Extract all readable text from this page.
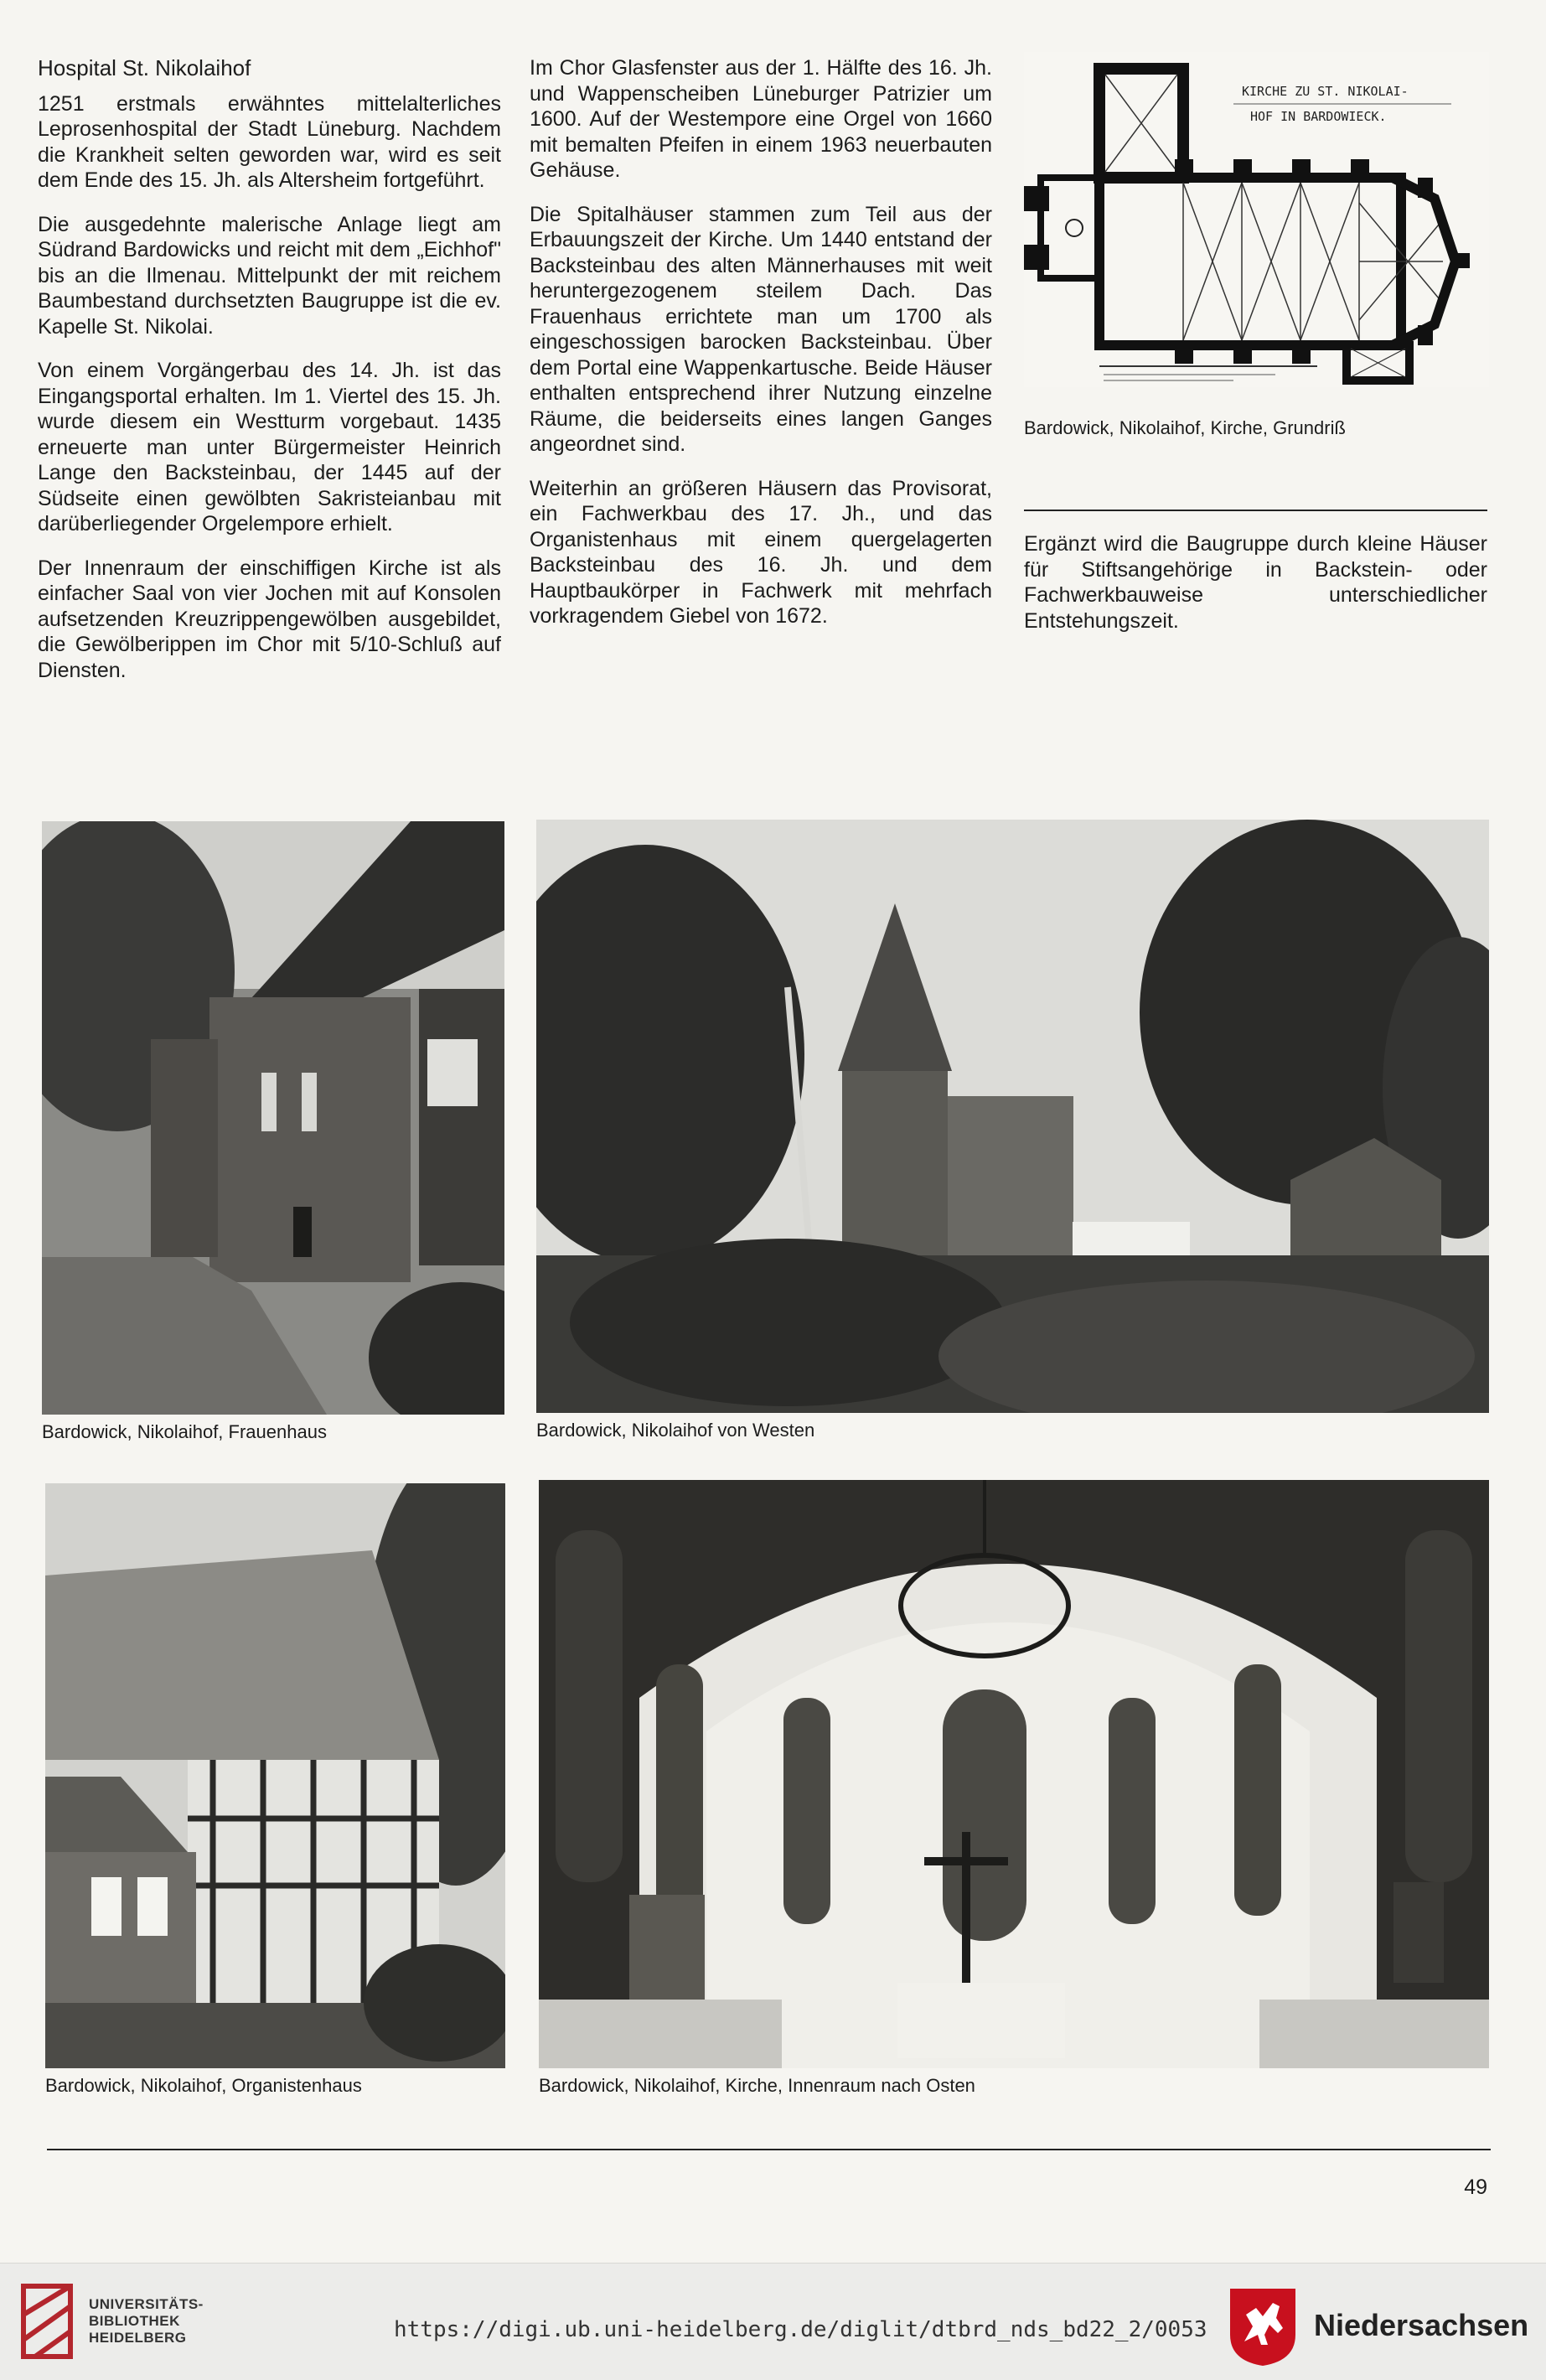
Hospital St. Nikolaihof

1251 erstmals erwähntes mittelalterliches Leprosenhospital der Stadt Lüneburg. Nachdem die Krankheit selten geworden war, wird es seit dem Ende des 15. Jh. als Altersheim fortgeführt.

Die ausgedehnte malerische Anlage liegt am Südrand Bardowicks und reicht mit dem „Eichhof" bis an die Ilmenau. Mittelpunkt der mit reichem Baumbestand durchsetzten Baugruppe ist die ev. Kapelle St. Nikolai.

Von einem Vorgängerbau des 14. Jh. ist das Eingangsportal erhalten. Im 1. Viertel des 15. Jh. wurde diesem ein Westturm vorgebaut. 1435 erneuerte man unter Bürgermeister Heinrich Lange den Backsteinbau, der 1445 auf der Südseite einen gewölbten Sakristeianbau mit darüberliegender Orgelempore erhielt.

Der Innenraum der einschiffigen Kirche ist als einfacher Saal von vier Jochen mit auf Konsolen aufsetzenden Kreuzrippengewölben ausgebildet, die Gewölberippen im Chor mit 5/10-Schluß auf Diensten.

Im Chor Glasfenster aus der 1. Hälfte des 16. Jh. und Wappenscheiben Lüneburger Patrizier um 1600. Auf der Westempore eine Orgel von 1660 mit bemalten Pfeifen in einem 1963 neuerbauten Gehäuse.

Die Spitalhäuser stammen zum Teil aus der Erbauungszeit der Kirche. Um 1440 entstand der Backsteinbau des alten Männerhauses mit weit heruntergezogenem steilem Dach. Das Frauenhaus errichtete man um 1700 als eingeschossigen barocken Backsteinbau. Über dem Portal eine Wappenkartusche. Beide Häuser enthalten entsprechend ihrer Nutzung einzelne Räume, die beiderseits eines langen Ganges angeordnet sind.

Weiterhin an größeren Häusern das Provisorat, ein Fachwerkbau des 17. Jh., und das Organistenhaus mit einem quergelagerten Backsteinbau des 16. Jh. und dem Hauptbaukörper in Fachwerk mit mehrfach vorkragendem Giebel von 1672.

KIRCHE ZU ST. NIKOLAI-
HOF IN BARDOWIECK.
Bardowick, Nikolaihof, Kirche, Grundriß

Ergänzt wird die Baugruppe durch kleine Häuser für Stiftsangehörige in Backstein- oder Fachwerkbauweise unterschiedlicher Entstehungszeit.

Bardowick, Nikolaihof, Frauenhaus	Bardowick, Nikolaihof von Westen
Bardowick, Nikolaihof, Organistenhaus	Bardowick, Nikolaihof, Kirche, Innenraum nach Osten
49
UNIVERSITÄTS-
BIBLIOTHEK
HEIDELBERG	https://digi.ub.uni-heidelberg.de/diglit/dtbrd_nds_bd22_2/0053	Niedersachsen
